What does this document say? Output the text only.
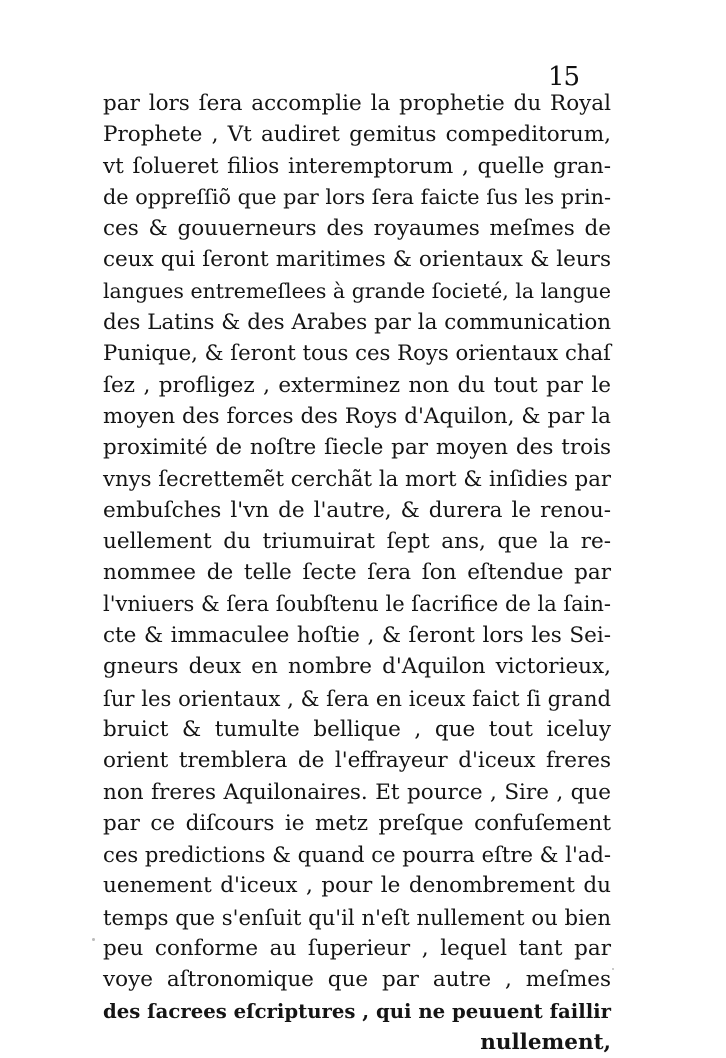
15
par lors ſera accomplie la prophetie du Royal
Prophete , Vt audiret gemitus compeditorum,
vt ſolueret filios interemptorum , quelle gran-
de oppreſſiõ que par lors ſera faicte ſus les prin-
ces & gouuerneurs des royaumes meſmes de
ceux qui ſeront maritimes & orientaux & leurs
langues entremeſlees à grande ſocieté, la langue
des Latins & des Arabes par la communication
Punique, & ſeront tous ces Roys orientaux chaſ
ſez , profligez , exterminez non du tout par le
moyen des forces des Roys d'Aquilon, & par la
proximité de noſtre ſiecle par moyen des trois
vnys ſecrettemẽt cerchãt la mort & inſidies par
embuſches l'vn de l'autre, & durera le renou-
uellement du triumuirat ſept ans, que la re-
nommee de telle ſecte ſera ſon eſtendue par
l'vniuers & ſera ſoubſtenu le ſacrifice de la ſain-
cte & immaculee hoſtie , & ſeront lors les Sei-
gneurs deux en nombre d'Aquilon victorieux,
ſur les orientaux , & ſera en iceux faict ſi grand
bruict & tumulte bellique , que tout iceluy
orient tremblera de l'effrayeur d'iceux freres
non freres Aquilonaires. Et pource , Sire , que
par ce diſcours ie metz preſque confuſement
ces predictions & quand ce pourra eſtre & l'ad-
uenement d'iceux , pour le denombrement du
temps que s'enſuit qu'il n'eſt nullement ou bien
peu conforme au ſuperieur , lequel tant par
voye aſtronomique que par autre , meſmes
des ſacrees eſcriptures , qui ne peuuent faillir
nullement,
